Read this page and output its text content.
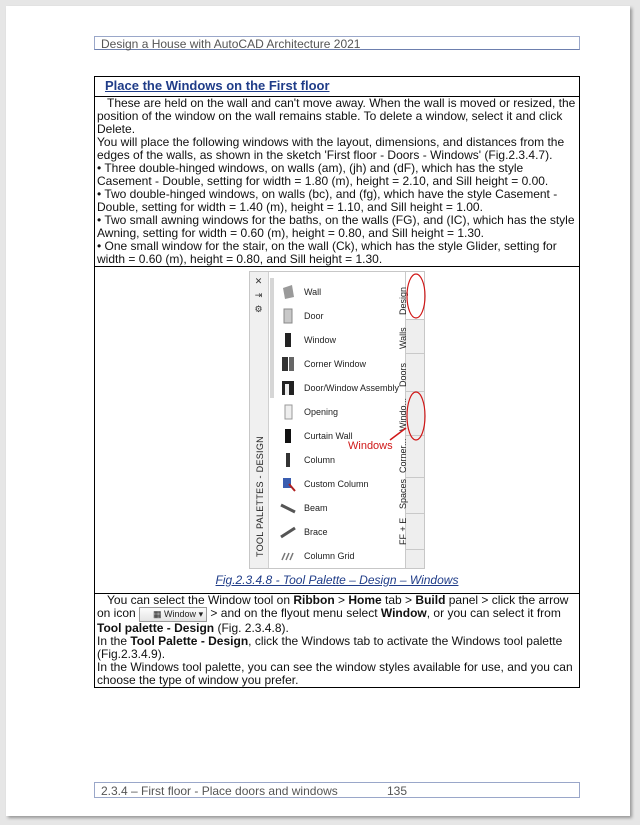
Design a House with AutoCAD Architecture 2021
Place the Windows on the First floor

These are held on the wall and can't move away. When the wall is moved or resized, the position of the window on the wall remains stable. To delete a window, select it and click Delete.

You will place the following windows with the layout, dimensions, and distances from the edges of the walls, as shown in the sketch 'First floor - Doors - Windows' (Fig.2.3.4.7).

• Three double-hinged windows, on walls (am), (jh) and (dF), which has the style Casement - Double, setting for width = 1.80 (m), height = 2.10, and Sill height = 0.00.

• Two double-hinged windows, on walls (bc), and (fg), which have the style Casement - Double, setting for width = 1.40 (m), height = 1.10, and Sill height = 1.00.

• Two small awning windows for the baths, on the walls (FG), and (IC), which has the style Awning, setting for width = 0.60 (m), height = 0.80, and Sill height = 1.30.

• One small window for the stair, on the wall (Ck), which has the style Glider, setting for width = 0.60 (m), height = 0.80, and Sill height = 1.30.

✕
⇥
⚙
TOOL PALETTES - DESIGN
Wall
Door
Window
Corner Window
Door/Window Assembly
Opening
Curtain Wall
Column
Custom Column
Beam
Brace
Column Grid
Design
Walls
Doors
Windo...
Corner...
Spaces
FF + E
Windows
Fig.2.3.4.8 - Tool Palette – Design – Windows

You can select the Window tool on Ribbon > Home tab > Build panel > click the arrow on icon ▦ Window ▾ > and on the flyout menu select Window, or you can select it from Tool palette - Design (Fig. 2.3.4.8).

In the Tool Palette - Design, click the Windows tab to activate the Windows tool palette (Fig.2.3.4.9).

In the Windows tool palette, you can see the window styles available for use, and you can choose the type of window you prefer.

2.3.4 – First floor - Place doors and windows	135
